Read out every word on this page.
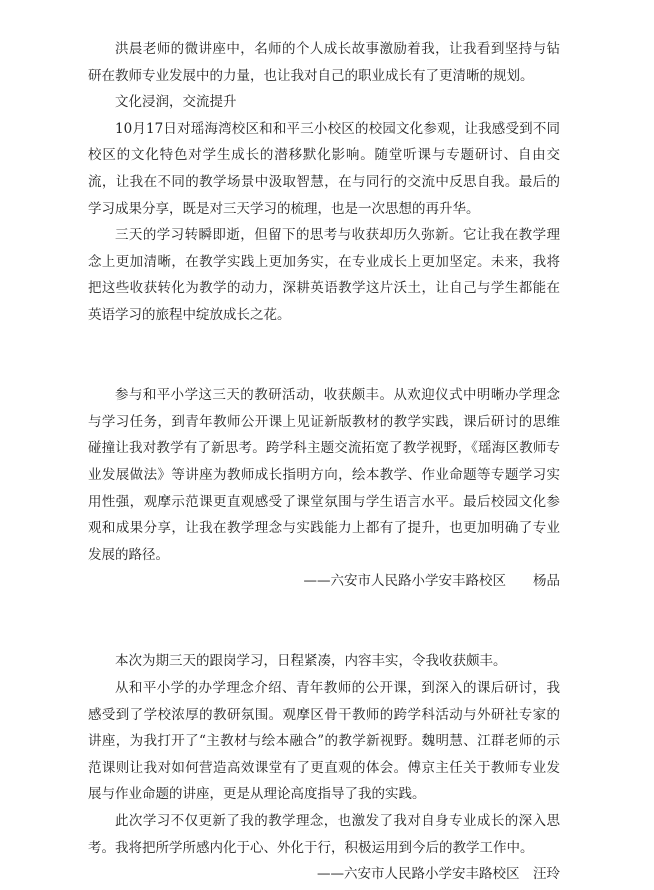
洪晨老师的微讲座中，名师的个人成长故事激励着我，让我看到坚持与钻研在教师专业发展中的力量，也让我对自己的职业成长有了更清晰的规划。

文化浸润，交流提升

10月17日对瑶海湾校区和和平三小校区的校园文化参观，让我感受到不同校区的文化特色对学生成长的潜移默化影响。随堂听课与专题研讨、自由交流，让我在不同的教学场景中汲取智慧，在与同行的交流中反思自我。最后的学习成果分享，既是对三天学习的梳理，也是一次思想的再升华。

三天的学习转瞬即逝，但留下的思考与收获却历久弥新。它让我在教学理念上更加清晰，在教学实践上更加务实，在专业成长上更加坚定。未来，我将把这些收获转化为教学的动力，深耕英语教学这片沃土，让自己与学生都能在英语学习的旅程中绽放成长之花。

参与和平小学这三天的教研活动，收获颇丰。从欢迎仪式中明晰办学理念与学习任务，到青年教师公开课上见证新版教材的教学实践，课后研讨的思维碰撞让我对教学有了新思考。跨学科主题交流拓宽了教学视野，《瑶海区教师专业发展做法》等讲座为教师成长指明方向，绘本教学、作业命题等专题学习实用性强，观摩示范课更直观感受了课堂氛围与学生语言水平。最后校园文化参观和成果分享，让我在教学理念与实践能力上都有了提升，也更加明确了专业发展的路径。

——六安市人民路小学安丰路校区　　杨品

本次为期三天的跟岗学习，日程紧凑，内容丰实，令我收获颇丰。

从和平小学的办学理念介绍、青年教师的公开课，到深入的课后研讨，我感受到了学校浓厚的教研氛围。观摩区骨干教师的跨学科活动与外研社专家的讲座，为我打开了“主教材与绘本融合”的教学新视野。魏明慧、江群老师的示范课则让我对如何营造高效课堂有了更直观的体会。傅京主任关于教师专业发展与作业命题的讲座，更是从理论高度指导了我的实践。

此次学习不仅更新了我的教学理念，也激发了我对自身专业成长的深入思考。我将把所学所感内化于心、外化于行，积极运用到今后的教学工作中。

——六安市人民路小学安丰路校区　汪玲
